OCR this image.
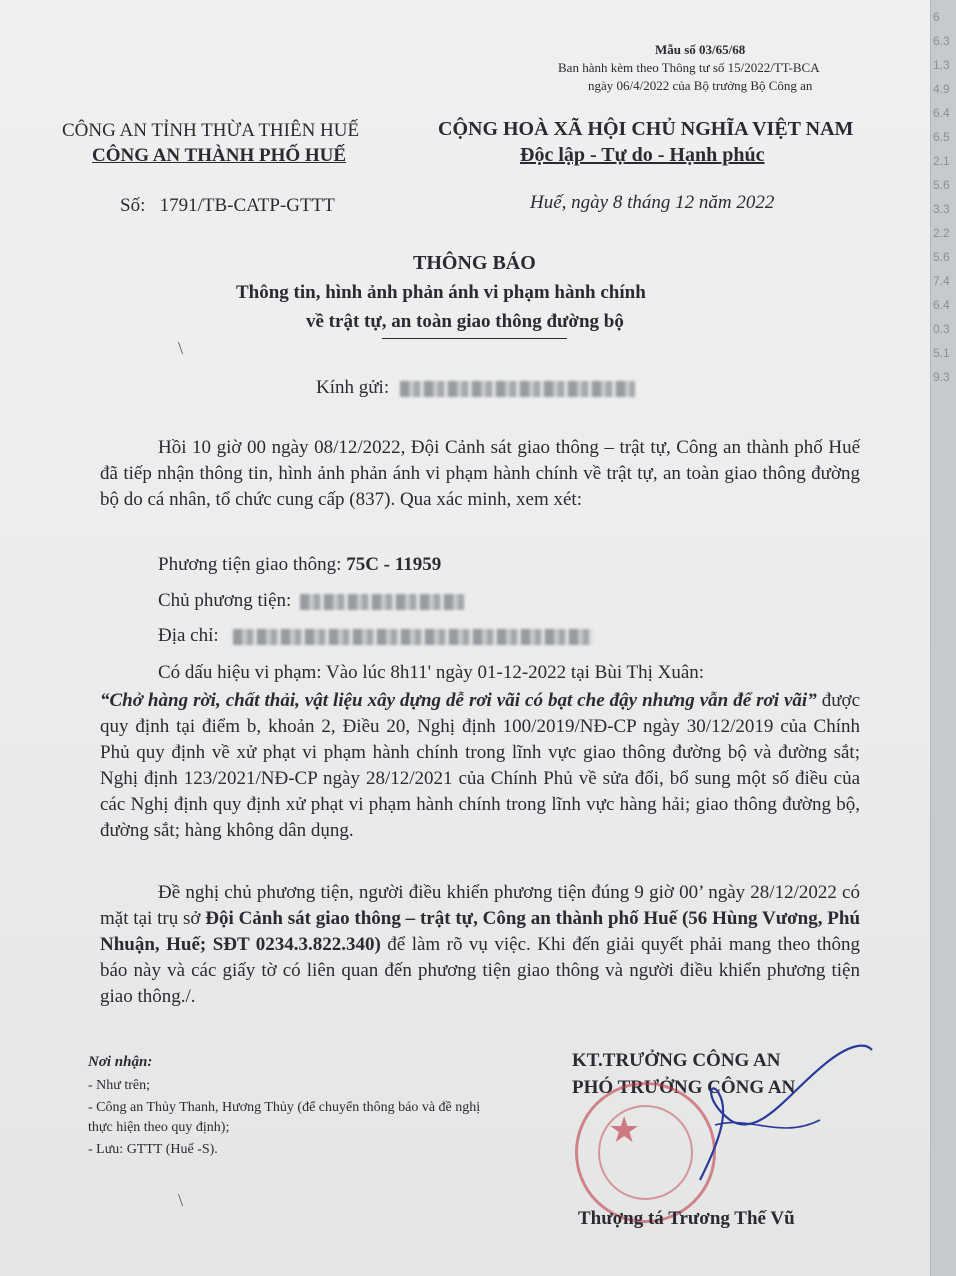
Mẫu số 03/65/68

Ban hành kèm theo Thông tư số 15/2022/TT-BCA

ngày 06/4/2022 của Bộ trưởng Bộ Công an

CÔNG AN TỈNH THỪA THIÊN HUẾ

CÔNG AN THÀNH PHỐ HUẾ

Số:   1791/TB-CATP-GTTT

CỘNG HOÀ XÃ HỘI CHỦ NGHĨA VIỆT NAM

Độc lập - Tự do - Hạnh phúc

Huế, ngày 8 tháng 12 năm 2022

THÔNG BÁO

Thông tin, hình ảnh phản ánh vi phạm hành chính

về trật tự, an toàn giao thông đường bộ

Kính gửi:

Hồi 10 giờ 00 ngày 08/12/2022, Đội Cảnh sát giao thông – trật tự, Công an thành phố Huế đã tiếp nhận thông tin, hình ảnh phản ánh vi phạm hành chính về trật tự, an toàn giao thông đường bộ do cá nhân, tổ chức cung cấp (837). Qua xác minh, xem xét:

Phương tiện giao thông: 75C - 11959

Chủ phương tiện:

Địa chỉ:

Có dấu hiệu vi phạm: Vào lúc 8h11' ngày 01-12-2022 tại Bùi Thị Xuân:

“Chở hàng rời, chất thải, vật liệu xây dựng dễ rơi vãi có bạt che đậy nhưng vẫn để rơi vãi” được quy định tại điểm b, khoản 2, Điều 20, Nghị định 100/2019/NĐ-CP ngày 30/12/2019 của Chính Phủ quy định về xử phạt vi phạm hành chính trong lĩnh vực giao thông đường bộ và đường sắt; Nghị định 123/2021/NĐ-CP ngày 28/12/2021 của Chính Phủ về sửa đổi, bổ sung một số điều của các Nghị định quy định xử phạt vi phạm hành chính trong lĩnh vực hàng hải; giao thông đường bộ, đường sắt; hàng không dân dụng.

Đề nghị chủ phương tiện, người điều khiển phương tiện đúng 9 giờ 00’ ngày 28/12/2022 có mặt tại trụ sở Đội Cảnh sát giao thông – trật tự, Công an thành phố Huế (56 Hùng Vương, Phú Nhuận, Huế; SĐT 0234.3.822.340) để làm rõ vụ việc. Khi đến giải quyết phải mang theo thông báo này và các giấy tờ có liên quan đến phương tiện giao thông và người điều khiển phương tiện giao thông./.

Nơi nhận:

- Như trên;

- Công an Thủy Thanh, Hương Thủy (để chuyển thông báo và đề nghị thực hiện theo quy định);

- Lưu: GTTT (Huế -S).

KT.TRƯỞNG CÔNG AN

PHÓ TRƯỞNG CÔNG AN

★

Thượng tá Trương Thế Vũ

\

\

6
6.3
1.3
4.9
6.4
6.5
2.1
5.6
3.3
2.2
5.6
7.4
6.4
0.3
5.1
9.3
